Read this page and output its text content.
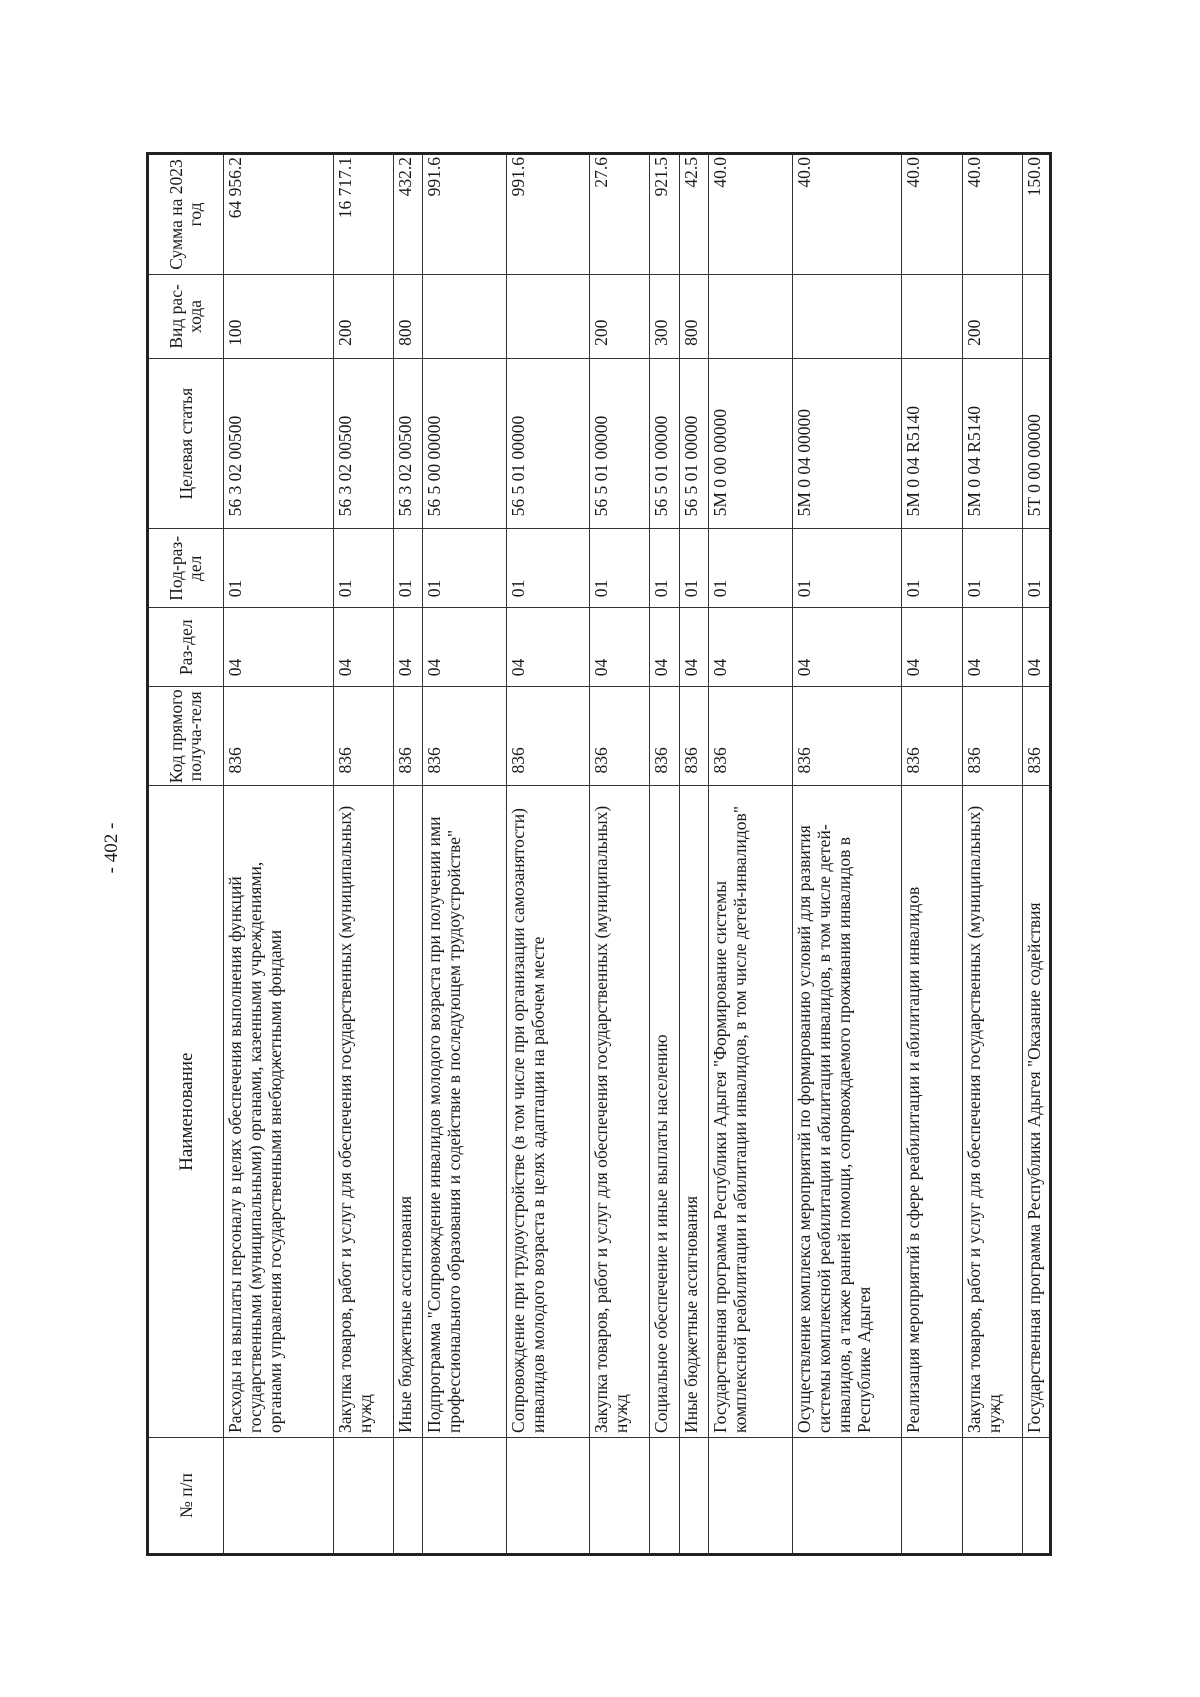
- 402 -
№ п/п	Наименование	Код прямого получа-теля	Раз-дел	Под-раз-дел	Целевая статья	Вид рас-хода	Сумма на 2023 год
	Расходы на выплаты персоналу в целях обеспечения выполнения функций государственными (муниципальными) органами, казенными учреждениями, органами управления государственными внебюджетными фондами	836	04	01	56 3 02 00500	100	64 956.2
	Закупка товаров, работ и услуг для обеспечения государственных (муниципальных) нужд	836	04	01	56 3 02 00500	200	16 717.1
	Иные бюджетные ассигнования	836	04	01	56 3 02 00500	800	432.2
	Подпрограмма "Сопровождение инвалидов молодого возраста при получении ими профессионального образования и содействие в последующем трудоустройстве"	836	04	01	56 5 00 00000		991.6
	Сопровождение при трудоустройстве (в том числе при организации самозанятости) инвалидов молодого возраста в целях адаптации на рабочем месте	836	04	01	56 5 01 00000		991.6
	Закупка товаров, работ и услуг для обеспечения государственных (муниципальных) нужд	836	04	01	56 5 01 00000	200	27.6
	Социальное обеспечение и иные выплаты населению	836	04	01	56 5 01 00000	300	921.5
	Иные бюджетные ассигнования	836	04	01	56 5 01 00000	800	42.5
	Государственная программа Республики Адыгея "Формирование системы комплексной реабилитации и абилитации инвалидов, в том числе детей-инвалидов"	836	04	01	5M 0 00 00000		40.0
	Осуществление комплекса мероприятий по формированию условий для развития системы комплексной реабилитации и абилитации инвалидов, в том числе детей-инвалидов, а также ранней помощи, сопровождаемого проживания инвалидов в Республике Адыгея	836	04	01	5M 0 04 00000		40.0
	Реализация мероприятий в сфере реабилитации и абилитации инвалидов	836	04	01	5M 0 04 R5140		40.0
	Закупка товаров, работ и услуг для обеспечения государственных (муниципальных) нужд	836	04	01	5M 0 04 R5140	200	40.0
	Государственная программа Республики Адыгея "Оказание содействия	836	04	01	5T 0 00 00000		150.0
